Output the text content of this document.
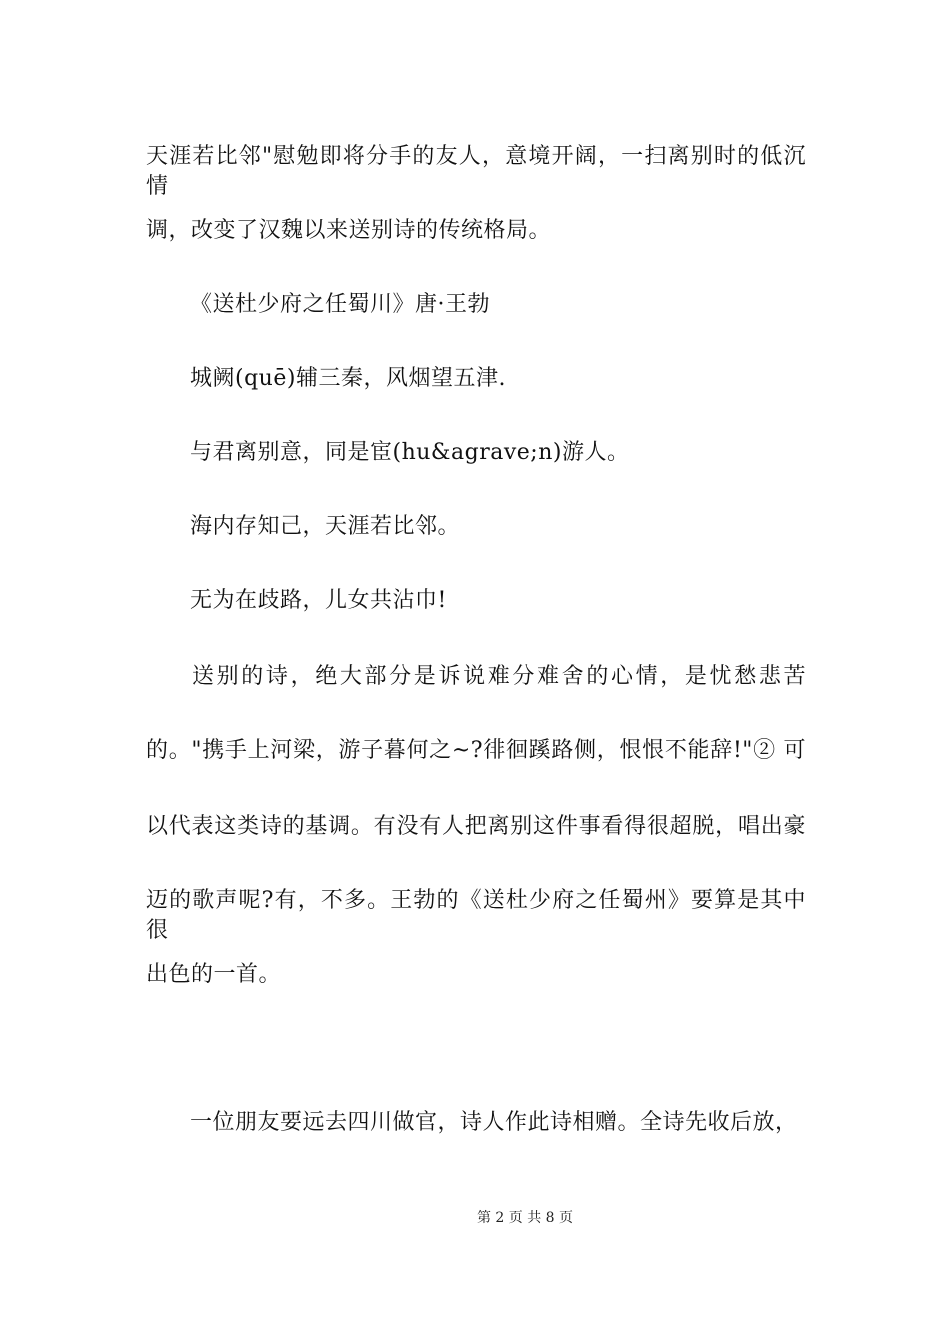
天涯若比邻"慰勉即将分手的友人，意境开阔，一扫离别时的低沉情
调，改变了汉魏以来送别诗的传统格局。
《送杜少府之任蜀川》唐·王勃
城阙(quē)辅三秦，风烟望五津.
与君离别意，同是宦(hu&agrave;n)游人。
海内存知己，天涯若比邻。
无为在歧路，儿女共沾巾!
送别的诗，绝大部分是诉说难分难舍的心情，是忧愁悲苦
的。"携手上河梁，游子暮何之~?徘徊蹊路侧，恨恨不能辞!"② 可
以代表这类诗的基调。有没有人把离别这件事看得很超脱，唱出豪
迈的歌声呢?有，不多。王勃的《送杜少府之任蜀州》要算是其中很
出色的一首。
一位朋友要远去四川做官，诗人作此诗相赠。全诗先收后放，
第 2 页 共 8 页
